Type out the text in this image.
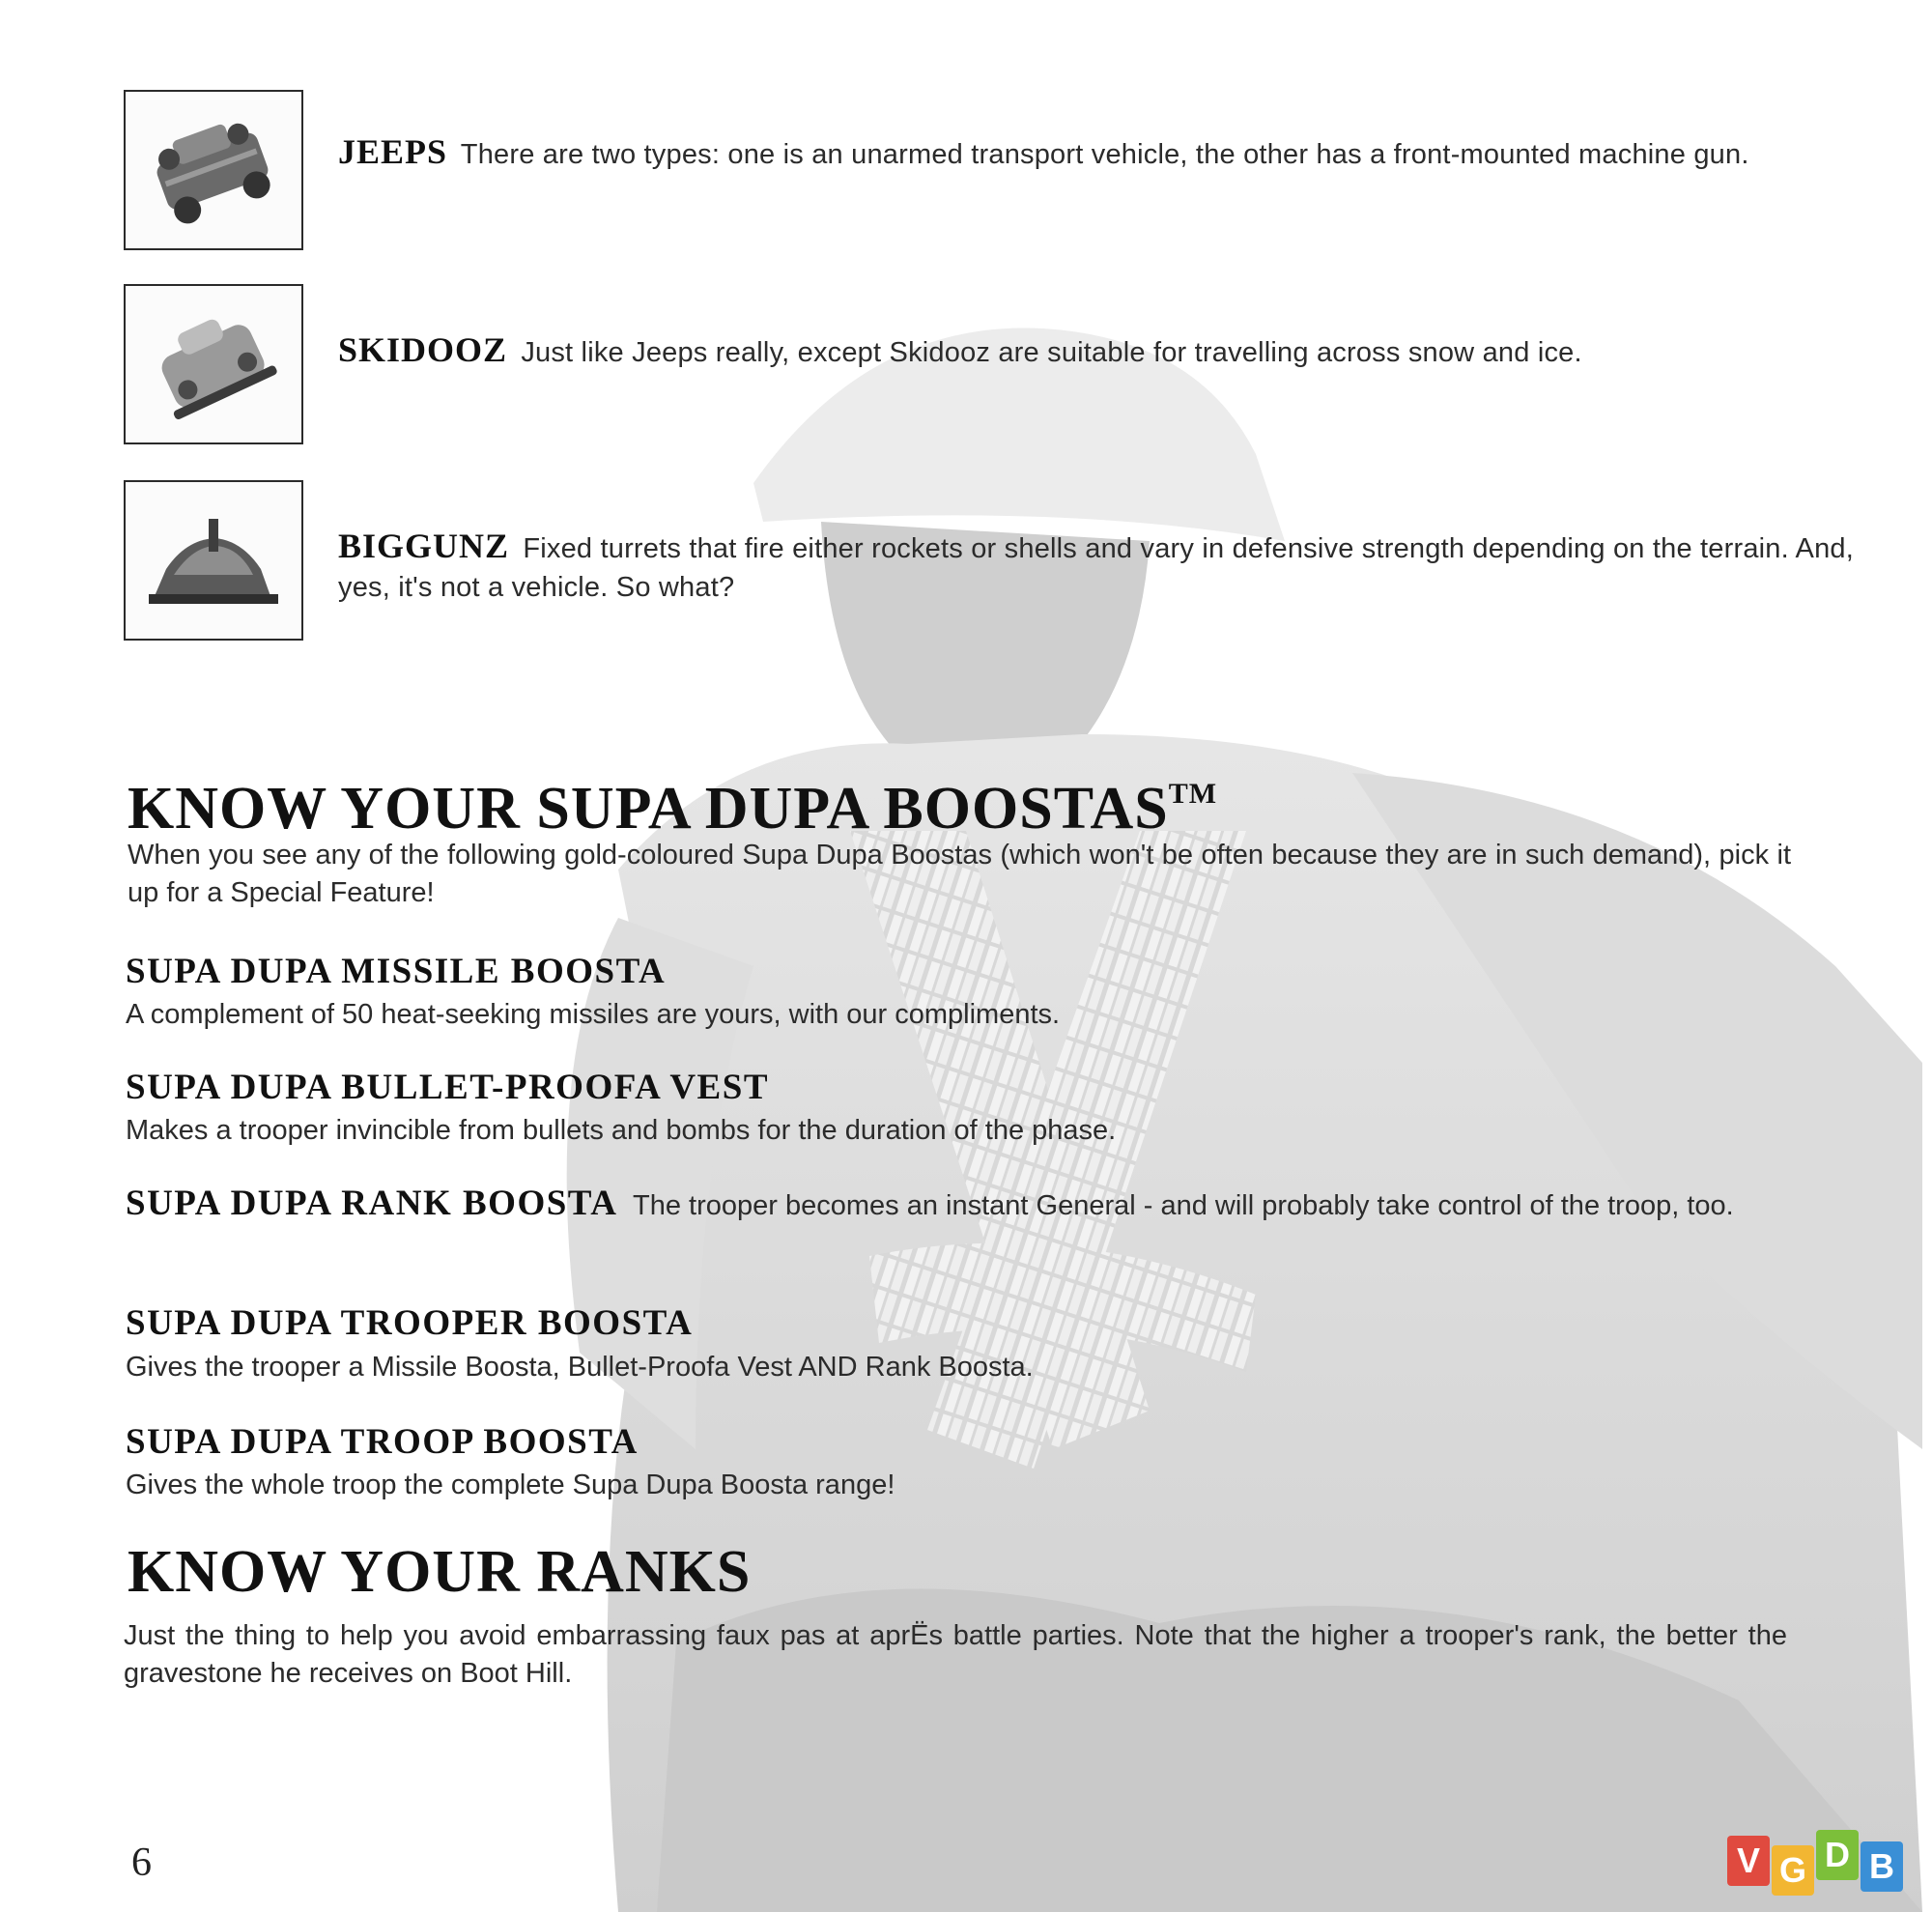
JEEPS There are two types: one is an unarmed transport vehicle, the other has a front-mounted machine gun.
SKIDOOZ Just like Jeeps really, except Skidooz are suitable for travelling across snow and ice.
BIGGUNZ Fixed turrets that fire either rockets or shells and vary in defensive strength depending on the terrain. And, yes, it's not a vehicle. So what?
KNOW YOUR SUPA DUPA BOOSTAS™

When you see any of the following gold-coloured Supa Dupa Boostas (which won't be often because they are in such demand), pick it up for a Special Feature!

SUPA DUPA MISSILE BOOSTA

A complement of 50 heat-seeking missiles are yours, with our compliments.

SUPA DUPA BULLET-PROOFA VEST

Makes a trooper invincible from bullets and bombs for the duration of the phase.

SUPA DUPA RANK BOOSTA The trooper becomes an instant General - and will probably take control of the troop, too.
SUPA DUPA TROOPER BOOSTA

Gives the trooper a Missile Boosta, Bullet-Proofa Vest AND Rank Boosta.

SUPA DUPA TROOP BOOSTA

Gives the whole troop the complete Supa Dupa Boosta range!

KNOW YOUR RANKS

Just the thing to help you avoid embarrassing faux pas at aprËs battle parties. Note that the higher a trooper's rank, the better the gravestone he receives on Boot Hill.

6	V G D B
